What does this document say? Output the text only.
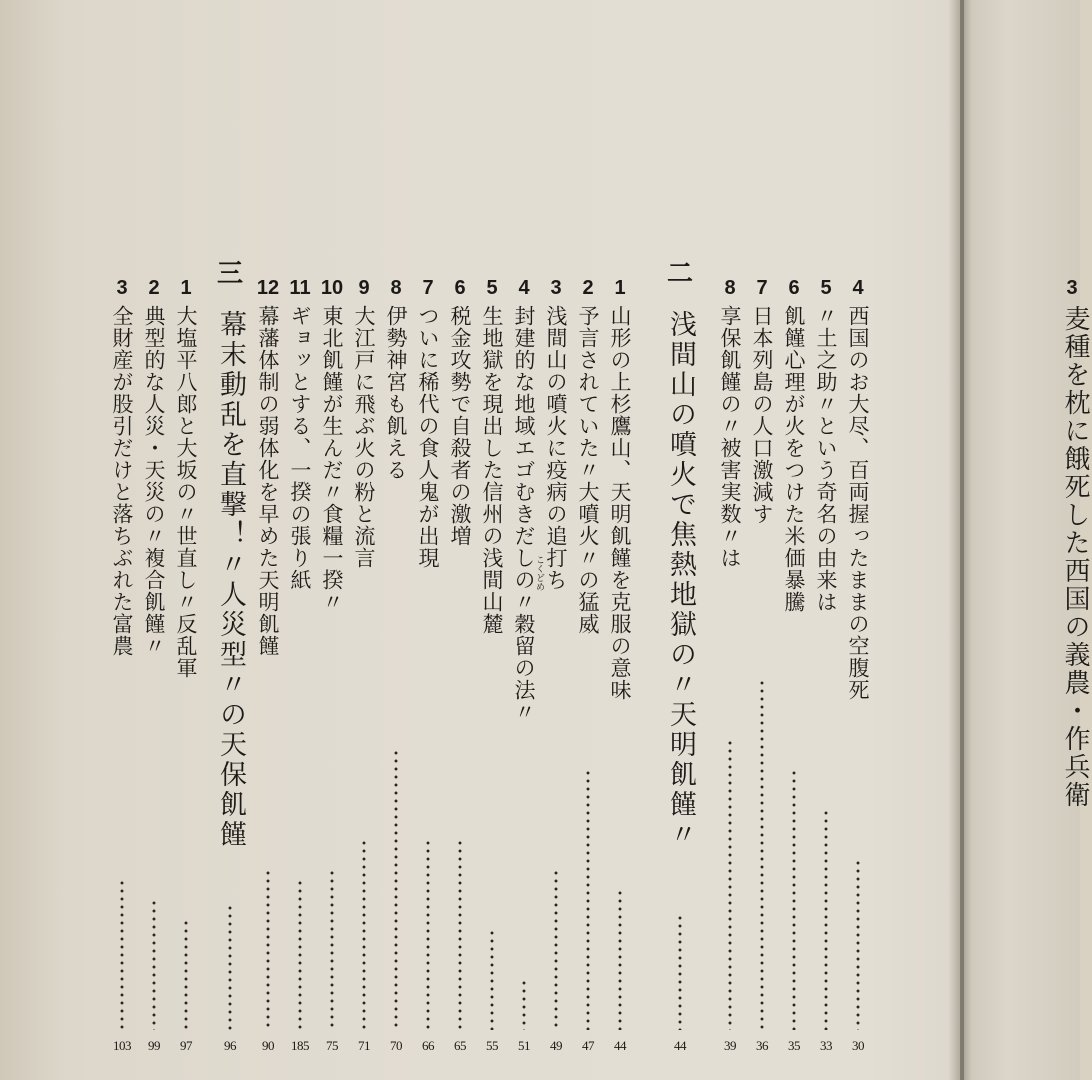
4
西国のお大尽、百両握ったままの空腹死
30
5
〃土之助〃という奇名の由来は
33
6
飢饉心理が火をつけた米価暴騰
35
7
日本列島の人口激減す
36
8
享保飢饉の〃被害実数〃は
39
二
浅間山の噴火で焦熱地獄の〃天明飢饉〃
44
1
山形の上杉鷹山、天明飢饉を克服の意味
44
2
予言されていた〃大噴火〃の猛威
47
3
浅間山の噴火に疫病の追打ち
49
4
封建的な地域エゴむきだしの〃穀留の法〃
51
こくどめ
5
生地獄を現出した信州の浅間山麓
55
6
税金攻勢で自殺者の激増
65
7
ついに稀代の食人鬼が出現
66
8
伊勢神宮も飢える
70
9
大江戸に飛ぶ火の粉と流言
71
10
東北飢饉が生んだ〃食糧一揆〃
75
11
ギョッとする、一揆の張り紙
185
12
幕藩体制の弱体化を早めた天明飢饉
90
三
幕末動乱を直撃！〃人災型〃の天保飢饉
96
1
大塩平八郎と大坂の〃世直し〃反乱軍
97
2
典型的な人災・天災の〃複合飢饉〃
99
3
全財産が股引だけと落ちぶれた富農
103
3
麦種を枕に餓死した西国の義農・作兵衛
